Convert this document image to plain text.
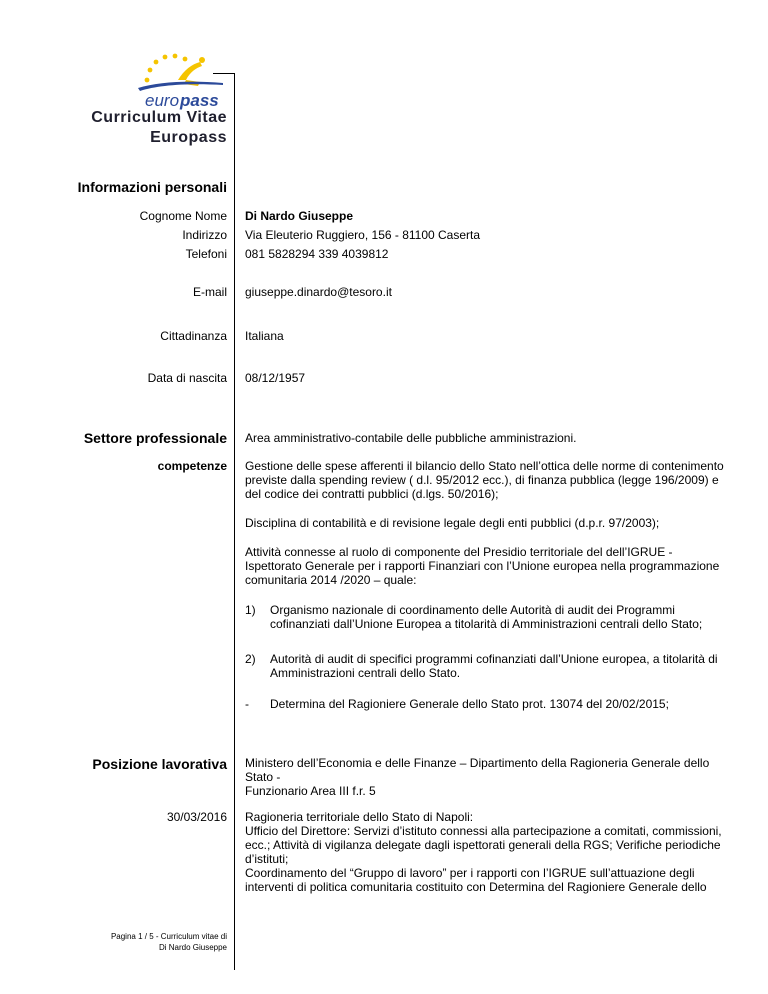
euro pass
Curriculum Vitae
Europass
Informazioni personali
Cognome Nome Di Nardo Giuseppe
Indirizzo Via Eleuterio Ruggiero, 156 - 81100 Caserta
Telefoni 081 5828294 339 4039812
E-mail giuseppe.dinardo@tesoro.it
Cittadinanza Italiana
Data di nascita 08/12/1957
Settore professionale Area amministrativo-contabile delle pubbliche amministrazioni.
competenze Gestione delle spese afferenti il bilancio dello Stato nell’ottica delle norme di contenimento previste dalla spending review ( d.l. 95/2012 ecc.), di finanza pubblica (legge 196/2009) e del codice dei contratti pubblici (d.lgs. 50/2016);
Disciplina di contabilità e di revisione legale degli enti pubblici (d.p.r. 97/2003);
Attività connesse al ruolo di componente del Presidio territoriale del dell’IGRUE - Ispettorato Generale per i rapporti Finanziari con l’Unione europea nella programmazione comunitaria 2014 /2020 – quale:
1) Organismo nazionale di coordinamento delle Autorità di audit dei Programmi cofinanziati dall’Unione Europea a titolarità di Amministrazioni centrali dello Stato;
2) Autorità di audit di specifici programmi cofinanziati dall’Unione europea, a titolarità di Amministrazioni centrali dello Stato.
- Determina del Ragioniere Generale dello Stato prot. 13074 del 20/02/2015;
Posizione lavorativa Ministero dell’Economia e delle Finanze – Dipartimento della Ragioneria Generale dello Stato -
Funzionario Area III f.r. 5
30/03/2016 Ragioneria territoriale dello Stato di Napoli:
Ufficio del Direttore: Servizi d’istituto connessi alla partecipazione a comitati, commissioni, ecc.; Attività di vigilanza delegate dagli ispettorati generali della RGS; Verifiche periodiche d’istituti;
Coordinamento del “Gruppo di lavoro” per i rapporti con l’IGRUE sull’attuazione degli interventi di politica comunitaria costituito con Determina del Ragioniere Generale dello
Pagina 1 / 5 - Curriculum vitae di
Di Nardo Giuseppe
